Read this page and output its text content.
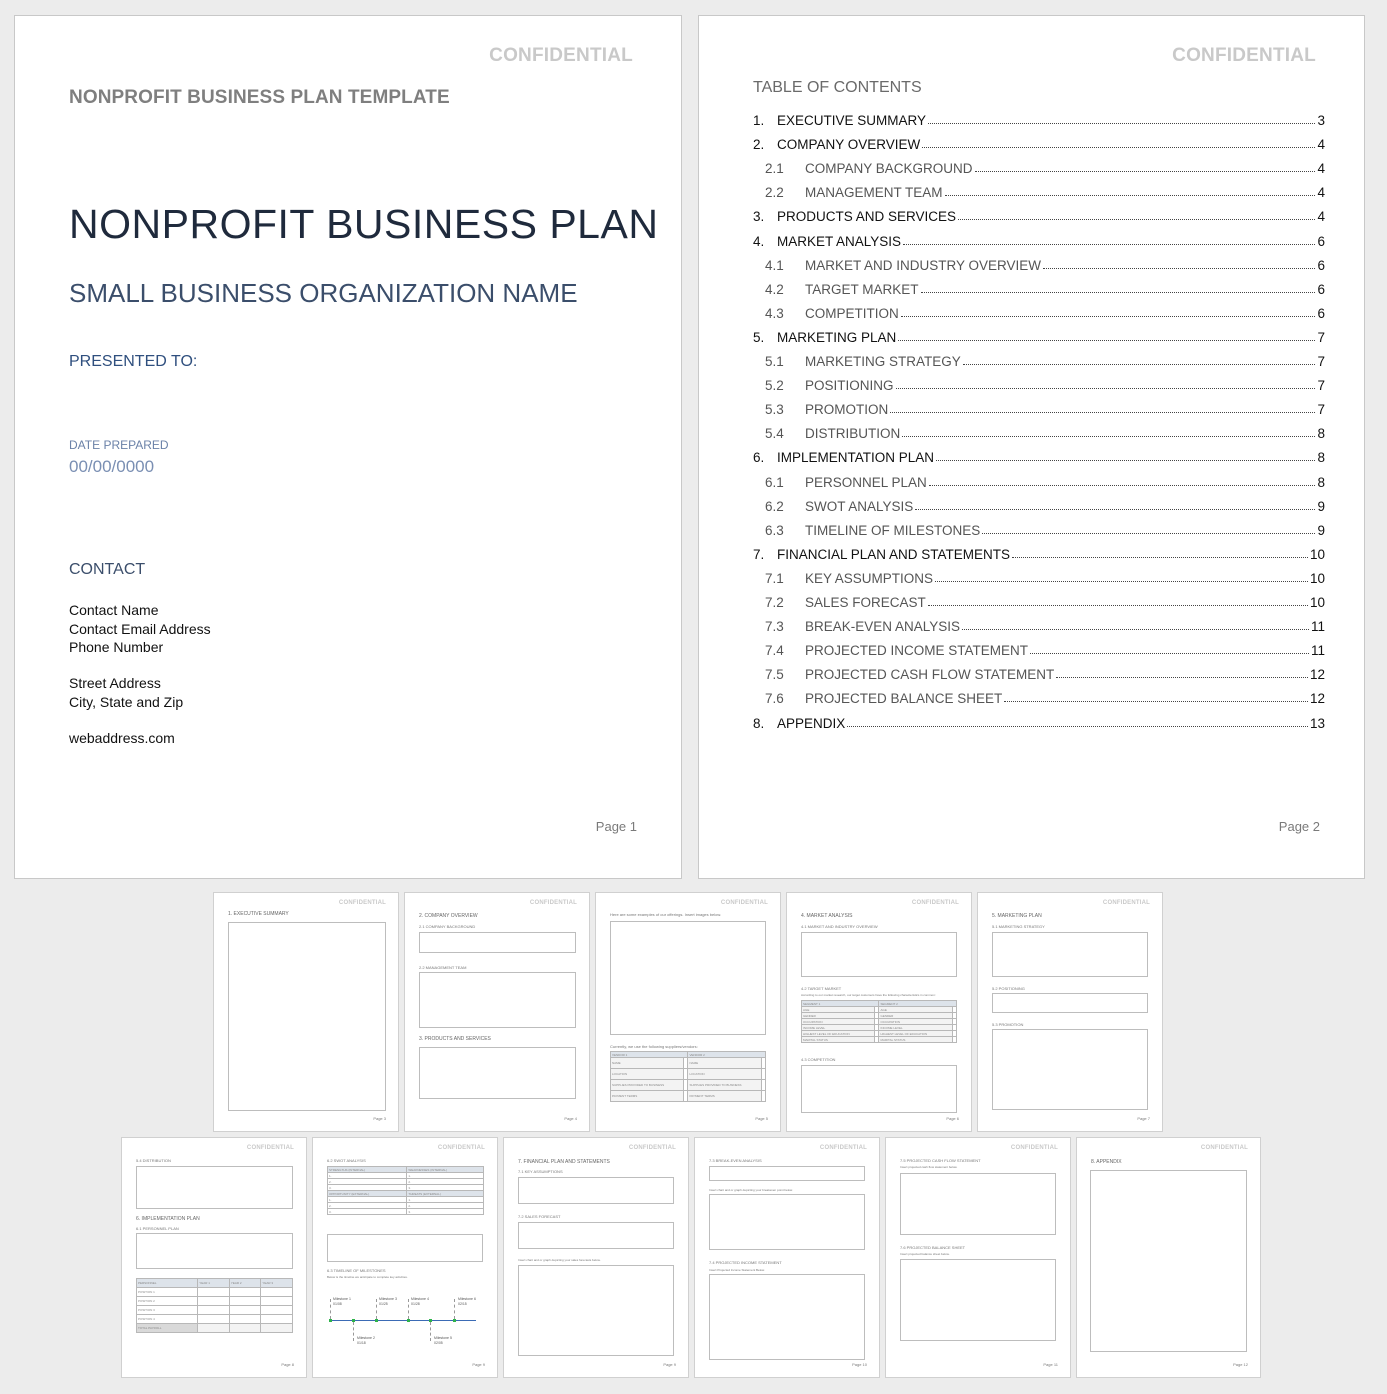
CONFIDENTIAL
NONPROFIT BUSINESS PLAN TEMPLATE
NONPROFIT BUSINESS PLAN
SMALL BUSINESS ORGANIZATION NAME
PRESENTED TO:
DATE PREPARED
00/00/0000
CONTACT
Contact Name
Contact Email Address
Phone Number
Street Address
City, State and Zip
webaddress.com
Page 1
CONFIDENTIAL
TABLE OF CONTENTS
1. EXECUTIVE SUMMARY	3
2. COMPANY OVERVIEW	4
2.1	COMPANY BACKGROUND	4
2.2	MANAGEMENT TEAM	4
3. PRODUCTS AND SERVICES	4
4. MARKET ANALYSIS	6
4.1	MARKET AND INDUSTRY OVERVIEW	6
4.2	TARGET MARKET	6
4.3	COMPETITION	6
5. MARKETING PLAN	7
5.1	MARKETING STRATEGY	7
5.2	POSITIONING	7
5.3	PROMOTION	7
5.4	DISTRIBUTION	8
6. IMPLEMENTATION PLAN	8
6.1	PERSONNEL PLAN	8
6.2	SWOT ANALYSIS	9
6.3	TIMELINE OF MILESTONES	9
7. FINANCIAL PLAN AND STATEMENTS	10
7.1	KEY ASSUMPTIONS	10
7.2	SALES FORECAST	10
7.3	BREAK-EVEN ANALYSIS	11
7.4	PROJECTED INCOME STATEMENT	11
7.5	PROJECTED CASH FLOW STATEMENT	12
7.6	PROJECTED BALANCE SHEET	12
8. APPENDIX	13
Page 2
CONFIDENTIAL
1. EXECUTIVE SUMMARY
Page 3
CONFIDENTIAL
2. COMPANY OVERVIEW
2.1 COMPANY BACKGROUND
2.2 MANAGEMENT TEAM
3. PRODUCTS AND SERVICES
Page 4
CONFIDENTIAL
Here are some examples of our offerings. Insert images below.
Currently, we use the following suppliers/vendors:
VENDOR 1		VENDOR 2	
NAME		NAME	
LOCATION		LOCATION	
SUPPLIES PROVIDED TO BUSINESS		SUPPLIES PROVIDED TO BUSINESS	
PAYMENT TERMS		PAYMENT TERMS	
Page 5
CONFIDENTIAL
4. MARKET ANALYSIS
4.1 MARKET AND INDUSTRY OVERVIEW
4.2 TARGET MARKET
According to our market research, our target customers have the following characteristics in common:
SEGMENT 1		SEGMENT 2	
AGE		AGE	
GENDER		GENDER	
OCCUPATION		OCCUPATION	
INCOME LEVEL		INCOME LEVEL	
HIGHEST LEVEL OF EDUCATION		HIGHEST LEVEL OF EDUCATION	
MARITAL STATUS		MARITAL STATUS	
4.3 COMPETITION
Page 6
CONFIDENTIAL
5. MARKETING PLAN
5.1 MARKETING STRATEGY
5.2 POSITIONING
5.3 PROMOTION
Page 7
CONFIDENTIAL
5.4 DISTRIBUTION
6. IMPLEMENTATION PLAN
6.1 PERSONNEL PLAN
PERSONNEL	YEAR 1	YEAR 2	YEAR 3
POSITION 1			
POSITION 2			
POSITION 3			
POSITION 4			
TOTAL PAYROLL			
Page 8
CONFIDENTIAL
6.2 SWOT ANALYSIS
STRENGTHS (INTERNAL)	WEAKNESSES (INTERNAL)
1.	1.
2.	2.
3.	3.
OPPORTUNITY (EXTERNAL)	THREATS (EXTERNAL)
1.	1.
2.	2.
3.	3.
6.3 TIMELINE OF MILESTONES
Below is the timeline we anticipate to complete key activities.
Milestone 1
01/08
Milestone 3
01/25
Milestone 4
01/28
Milestone 6
02/15
Milestone 2
01/18
Milestone 5
02/05
Page 9
CONFIDENTIAL
7. FINANCIAL PLAN AND STATEMENTS
7.1 KEY ASSUMPTIONS
7.2 SALES FORECAST
Insert chart and or graph depicting your sales forecasts below.
Page 9
CONFIDENTIAL
7.3 BREAK-EVEN ANALYSIS
Insert chart and or graph depicting your breakeven point below.
7.4 PROJECTED INCOME STATEMENT
Insert Projected Income Statement Below.
Page 10
CONFIDENTIAL
7.5 PROJECTED CASH FLOW STATEMENT
Insert projected cash flow statement below.
7.6 PROJECTED BALANCE SHEET
Insert projected balance sheet below.
Page 11
CONFIDENTIAL
8. APPENDIX
Page 12
